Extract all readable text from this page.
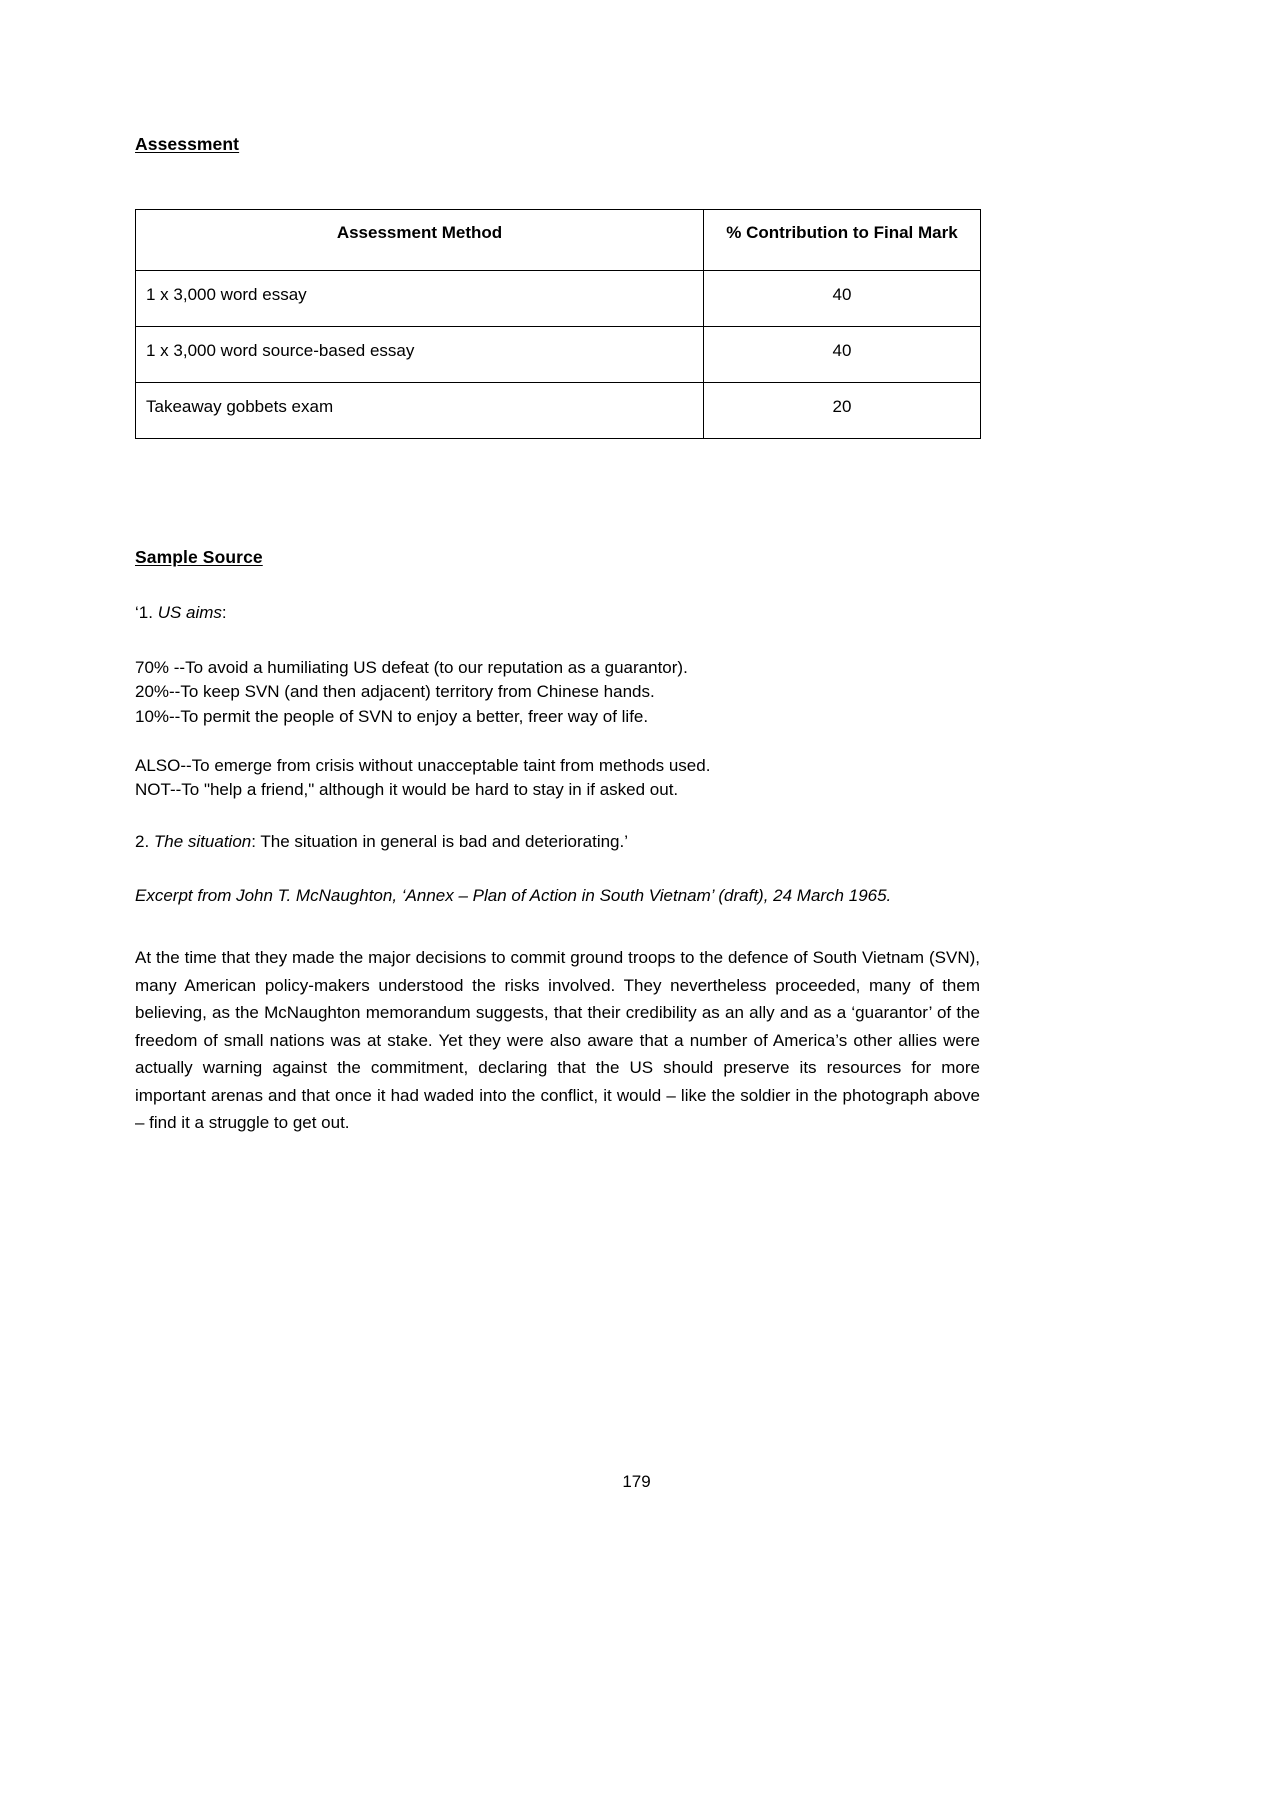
Assessment
Assessment Method	% Contribution to Final Mark
1 x 3,000 word essay	40
1 x 3,000 word source-based essay	40
Takeaway gobbets exam	20
Sample Source

‘1. US aims:

70% --To avoid a humiliating US defeat (to our reputation as a guarantor).
20%--To keep SVN (and then adjacent) territory from Chinese hands.
10%--To permit the people of SVN to enjoy a better, freer way of life.
ALSO--To emerge from crisis without unacceptable taint from methods used.
NOT--To "help a friend," although it would be hard to stay in if asked out.

2. The situation: The situation in general is bad and deteriorating.’

Excerpt from John T. McNaughton, ‘Annex – Plan of Action in South Vietnam’ (draft), 24 March 1965.

At the time that they made the major decisions to commit ground troops to the defence of South Vietnam (SVN), many American policy-makers understood the risks involved. They nevertheless proceeded, many of them believing, as the McNaughton memorandum suggests, that their credibility as an ally and as a ‘guarantor’ of the freedom of small nations was at stake. Yet they were also aware that a number of America’s other allies were actually warning against the commitment, declaring that the US should preserve its resources for more important arenas and that once it had waded into the conflict, it would – like the soldier in the photograph above – find it a struggle to get out.

179
